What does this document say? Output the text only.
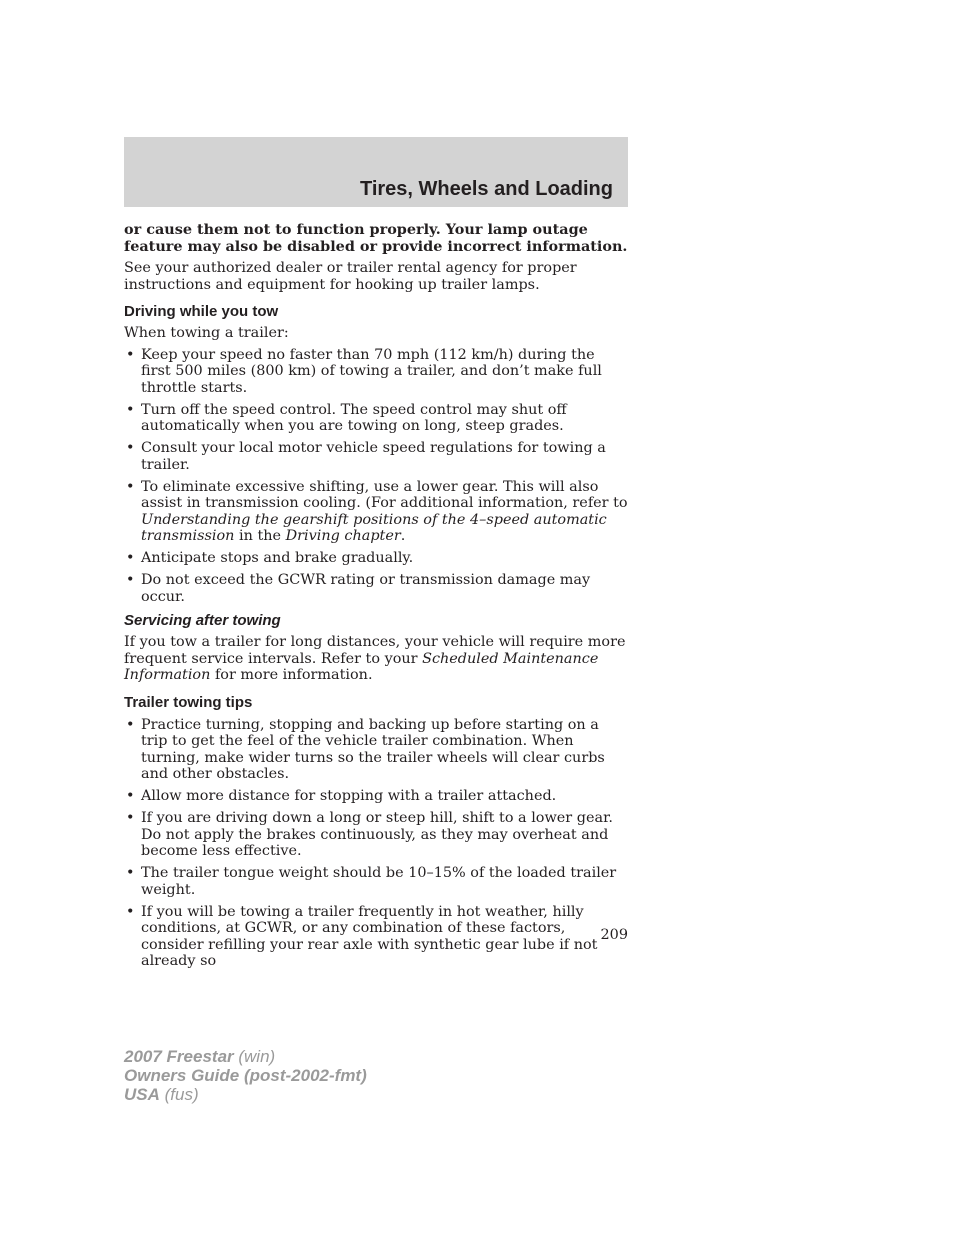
Tires, Wheels and Loading

or cause them not to function properly. Your lamp outage feature may also be disabled or provide incorrect information.

See your authorized dealer or trailer rental agency for proper instructions and equipment for hooking up trailer lamps.

Driving while you tow

When towing a trailer:

• Keep your speed no faster than 70 mph (112 km/h) during the first 500 miles (800 km) of towing a trailer, and don’t make full throttle starts.
• Turn off the speed control. The speed control may shut off automatically when you are towing on long, steep grades.
• Consult your local motor vehicle speed regulations for towing a trailer.
• To eliminate excessive shifting, use a lower gear. This will also assist in transmission cooling. (For additional information, refer to Understanding the gearshift positions of the 4–speed automatic transmission in the Driving chapter.
• Anticipate stops and brake gradually.
• Do not exceed the GCWR rating or transmission damage may occur.
Servicing after towing

If you tow a trailer for long distances, your vehicle will require more frequent service intervals. Refer to your Scheduled Maintenance Information for more information.

Trailer towing tips
• Practice turning, stopping and backing up before starting on a trip to get the feel of the vehicle trailer combination. When turning, make wider turns so the trailer wheels will clear curbs and other obstacles.
• Allow more distance for stopping with a trailer attached.
• If you are driving down a long or steep hill, shift to a lower gear. Do not apply the brakes continuously, as they may overheat and become less effective.
• The trailer tongue weight should be 10–15% of the loaded trailer weight.
• If you will be towing a trailer frequently in hot weather, hilly conditions, at GCWR, or any combination of these factors, consider refilling your rear axle with synthetic gear lube if not already so
209
2007 Freestar (win)
Owners Guide (post-2002-fmt)
USA (fus)
